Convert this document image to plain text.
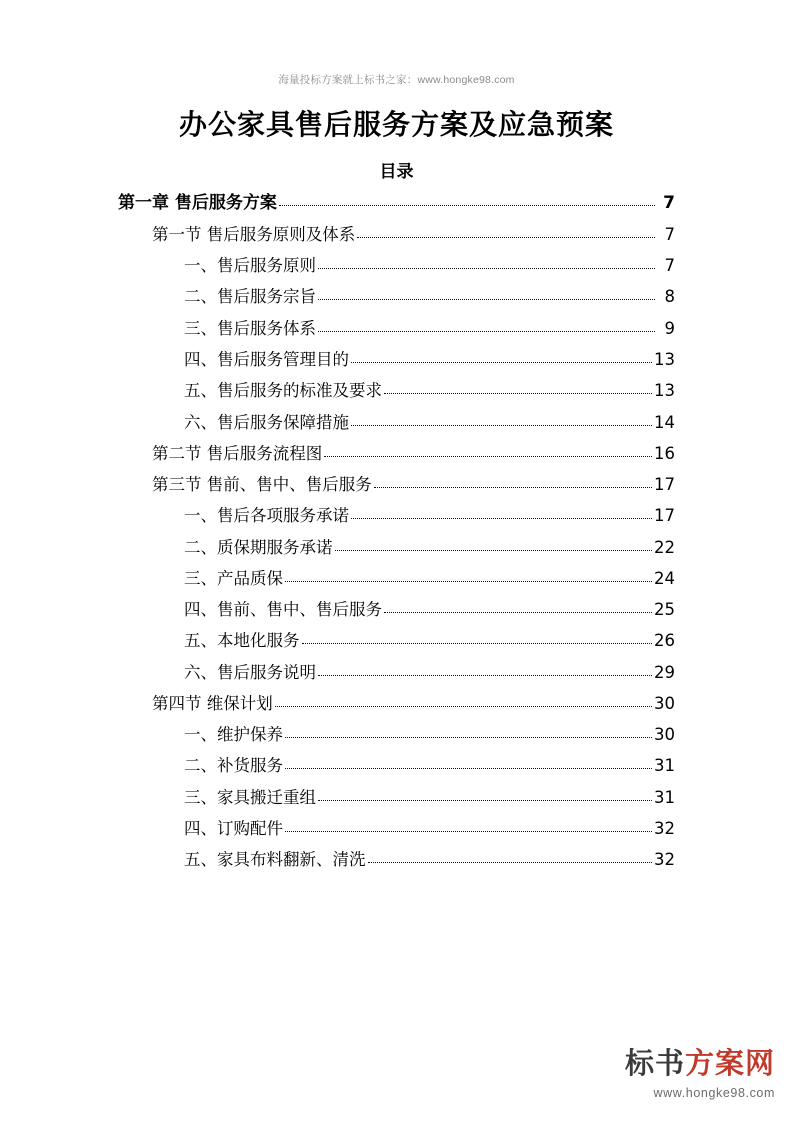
海量投标方案就上标书之家：www.hongke98.com
办公家具售后服务方案及应急预案
目录
第一章 售后服务方案	7
第一节 售后服务原则及体系	7
一、售后服务原则	7
二、售后服务宗旨	8
三、售后服务体系	9
四、售后服务管理目的	13
五、售后服务的标准及要求	13
六、售后服务保障措施	14
第二节 售后服务流程图	16
第三节 售前、售中、售后服务	17
一、售后各项服务承诺	17
二、质保期服务承诺	22
三、产品质保	24
四、售前、售中、售后服务	25
五、本地化服务	26
六、售后服务说明	29
第四节 维保计划	30
一、维护保养	30
二、补货服务	31
三、家具搬迁重组	31
四、订购配件	32
五、家具布料翻新、清洗	32
标书方案网
www.hongke98.com
